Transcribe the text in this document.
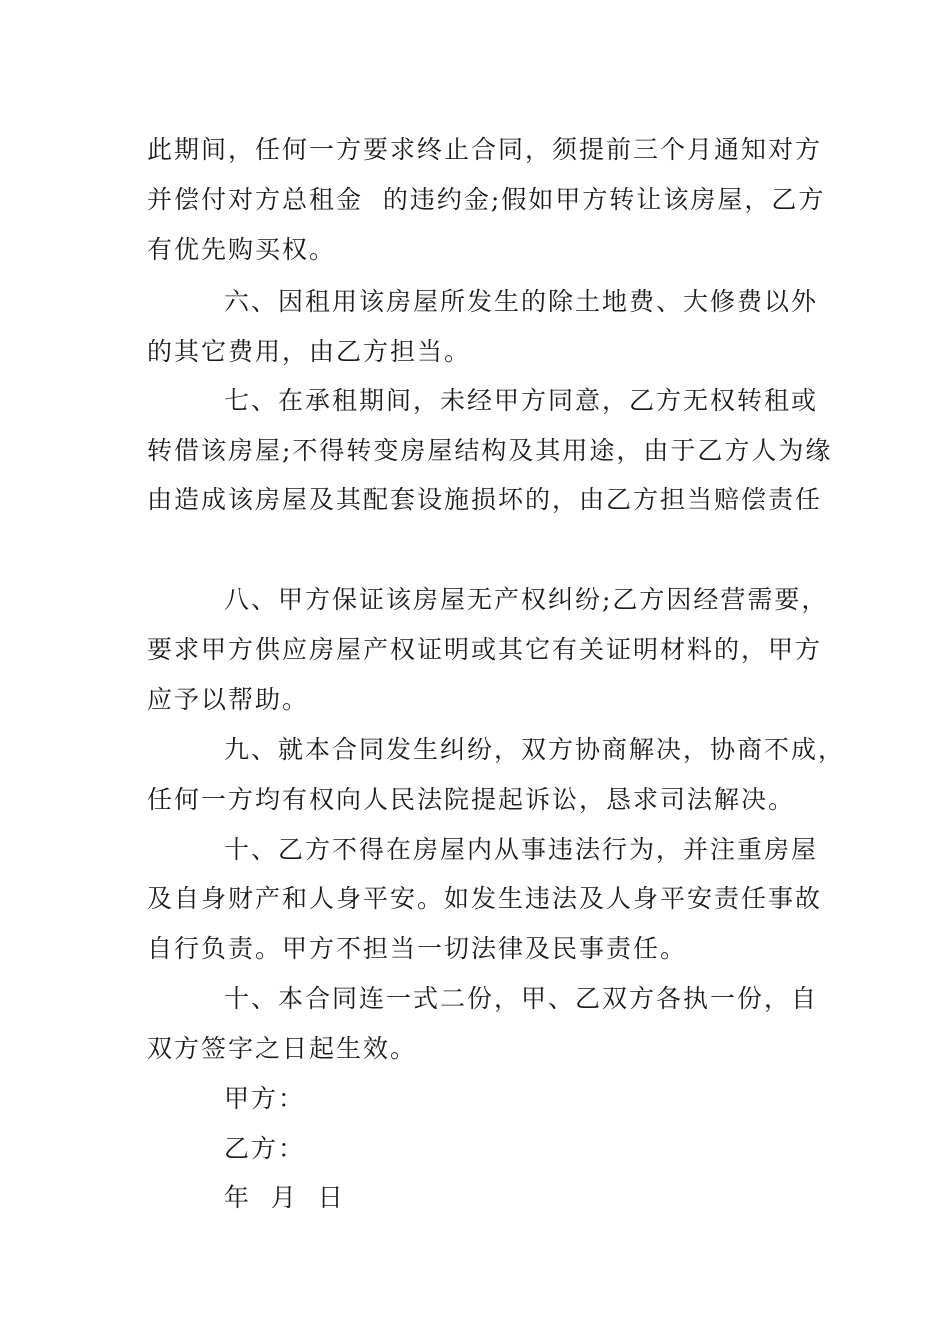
此期间，任何一方要求终止合同，须提前三个月通知对方
并偿付对方总租金  的违约金;假如甲方转让该房屋，乙方
有优先购买权。
六、因租用该房屋所发生的除土地费、大修费以外
的其它费用，由乙方担当。
七、在承租期间，未经甲方同意，乙方无权转租或
转借该房屋;不得转变房屋结构及其用途，由于乙方人为缘
由造成该房屋及其配套设施损坏的，由乙方担当赔偿责任
八、甲方保证该房屋无产权纠纷;乙方因经营需要，
要求甲方供应房屋产权证明或其它有关证明材料的，甲方
应予以帮助。
九、就本合同发生纠纷，双方协商解决，协商不成，
任何一方均有权向人民法院提起诉讼，恳求司法解决。
十、乙方不得在房屋内从事违法行为，并注重房屋
及自身财产和人身平安。如发生违法及人身平安责任事故
自行负责。甲方不担当一切法律及民事责任。
十、本合同连一式二份，甲、乙双方各执一份，自
双方签字之日起生效。
甲方：
乙方：
年  月  日
